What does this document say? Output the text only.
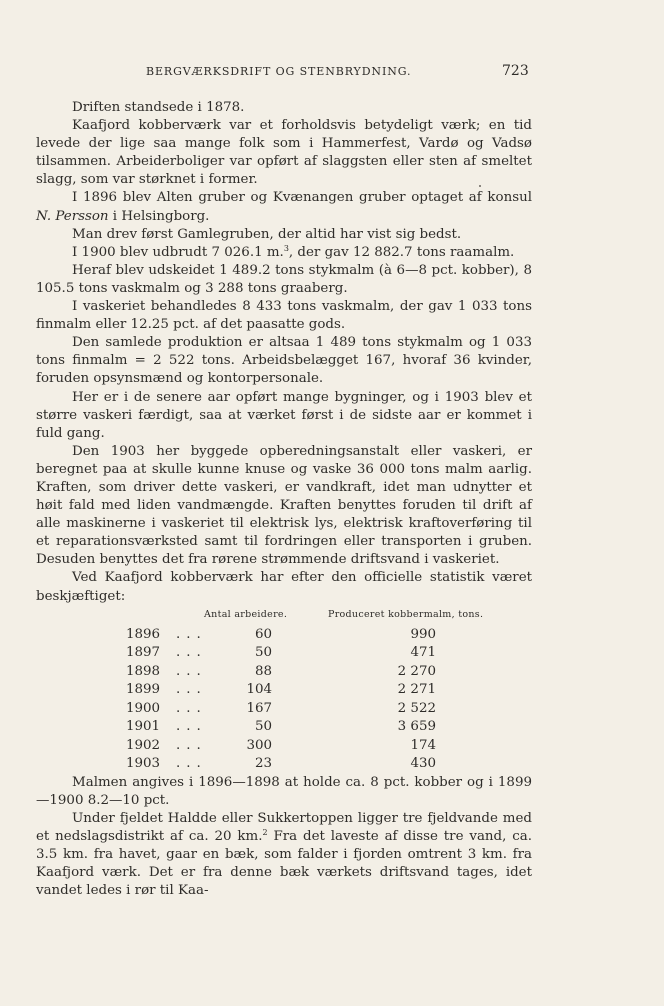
BERGVÆRKSDRIFT OG STENBRYDNING.	723

Driften standsede i 1878.

Kaafjord kobberværk var et forholdsvis betydeligt værk; en tid levede der lige saa mange folk som i Hammerfest, Vardø og Vadsø tilsammen. Arbeiderboliger var opført af slaggsten eller sten af smeltet slagg, som var størknet i former.

I 1896 blev Alten gruber og Kvænangen gruber optaget af konsul N. Persson i Helsingborg.

Man drev først Gamlegruben, der altid har vist sig bedst.

I 1900 blev udbrudt 7 026.1 m.$^3$, der gav 12 882.7 tons raamalm.

Heraf blev udskeidet 1 489.2 tons stykmalm (à 6—8 pct. kobber), 8 105.5 tons vaskmalm og 3 288 tons graaberg.

I vaskeriet behandledes 8 433 tons vaskmalm, der gav 1 033 tons finmalm eller 12.25 pct. af det paasatte gods.

Den samlede produktion er altsaa 1 489 tons stykmalm og 1 033 tons finmalm = 2 522 tons. Arbeidsbelægget 167, hvoraf 36 kvinder, foruden opsynsmænd og kontorpersonale.

Her er i de senere aar opført mange bygninger, og i 1903 blev et større vaskeri færdigt, saa at værket først i de sidste aar er kommet i fuld gang.

Den 1903 her byggede opberedningsanstalt eller vaskeri, er beregnet paa at skulle kunne knuse og vaske 36 000 tons malm aarlig. Kraften, som driver dette vaskeri, er vandkraft, idet man udnytter et høit fald med liden vandmængde. Kraften benyttes foruden til drift af alle maskinerne i vaskeriet til elektrisk lys, elektrisk kraftoverføring til et reparationsværksted samt til fordringen eller transporten i gruben. Desuden benyttes det fra rørene strømmende driftsvand i vaskeriet.

Ved Kaafjord kobberværk har efter den officielle statistik været beskjæftiget:

Antal arbeidere.	Produceret kobbermalm, tons.
1896 ...	60	990
1897 ...	50	471
1898 ...	88	2 270
1899 ...	104	2 271
1900 ...	167	2 522
1901 ...	50	3 659
1902 ...	300	174
1903 ...	23	430

Malmen angives i 1896—1898 at holde ca. 8 pct. kobber og i 1899—1900 8.2—10 pct.

Under fjeldet Haldde eller Sukkertoppen ligger tre fjeldvande med et nedslagsdistrikt af ca. 20 km.$^2$ Fra det laveste af disse tre vand, ca. 3.5 km. fra havet, gaar en bæk, som falder i fjorden omtrent 3 km. fra Kaafjord værk. Det er fra denne bæk værkets driftsvand tages, idet vandet ledes i rør til Kaa-
